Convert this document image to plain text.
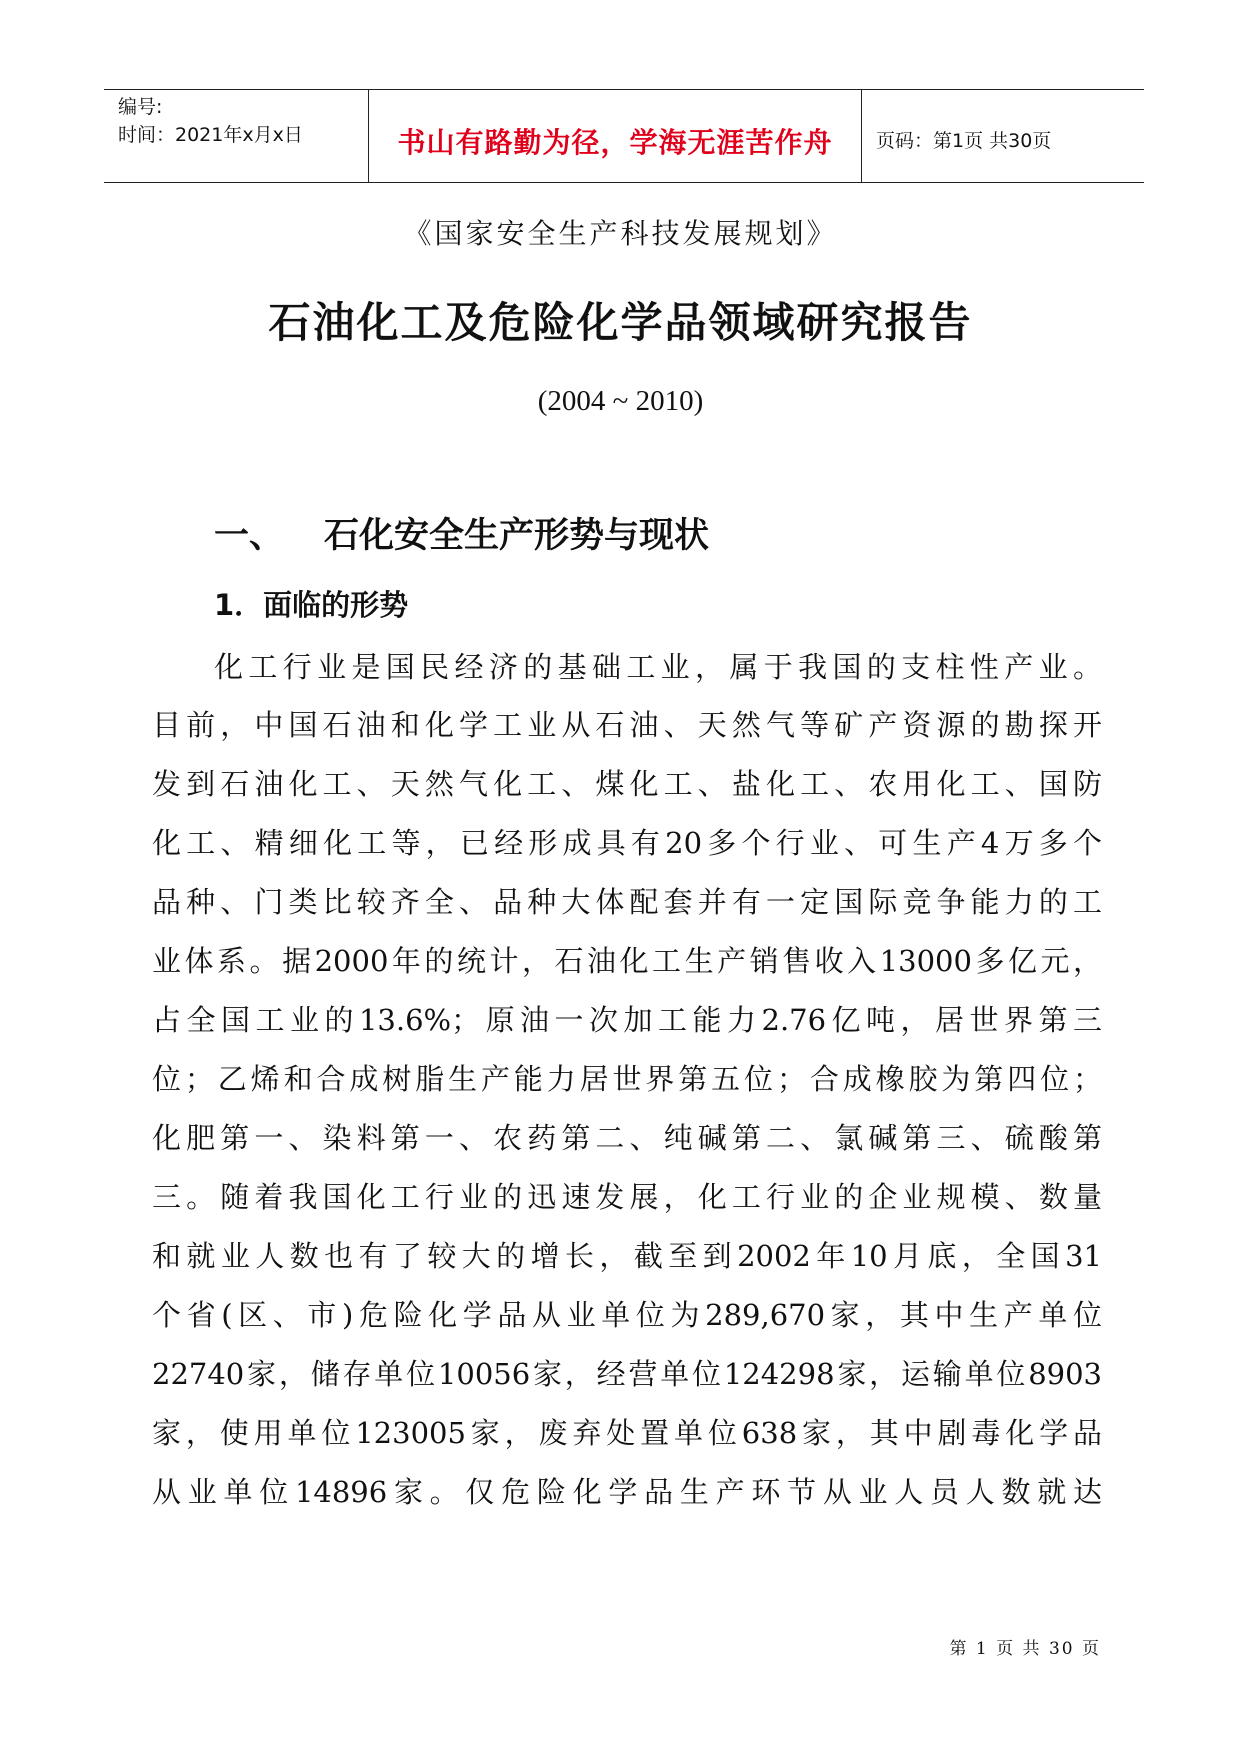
编号:
时间：2021年x月x日	书山有路勤为径，学海无涯苦作舟	页码：第1页 共30页
《国家安全生产科技发展规划》
石油化工及危险化学品领域研究报告
(2004 ~ 2010)
一、 石化安全生产形势与现状
1．面临的形势
化工行业是国民经济的基础工业，属于我国的支柱性产业。
目前，中国石油和化学工业从石油、天然气等矿产资源的勘探开
发到石油化工、天然气化工、煤化工、盐化工、农用化工、国防
化工、精细化工等，已经形成具有20多个行业、可生产4万多个
品种、门类比较齐全、品种大体配套并有一定国际竞争能力的工
业体系。据2000年的统计，石油化工生产销售收入13000多亿元，
占全国工业的13.6%；原油一次加工能力2.76亿吨，居世界第三
位；乙烯和合成树脂生产能力居世界第五位；合成橡胶为第四位；
化肥第一、染料第一、农药第二、纯碱第二、氯碱第三、硫酸第
三。随着我国化工行业的迅速发展，化工行业的企业规模、数量
和就业人数也有了较大的增长，截至到2002年10月底，全国31
个省(区、市)危险化学品从业单位为289,670家，其中生产单位
22740家，储存单位10056家，经营单位124298家，运输单位8903
家，使用单位123005家，废弃处置单位638家，其中剧毒化学品
从业单位14896家。仅危险化学品生产环节从业人员人数就达
第 1 页 共 30 页
